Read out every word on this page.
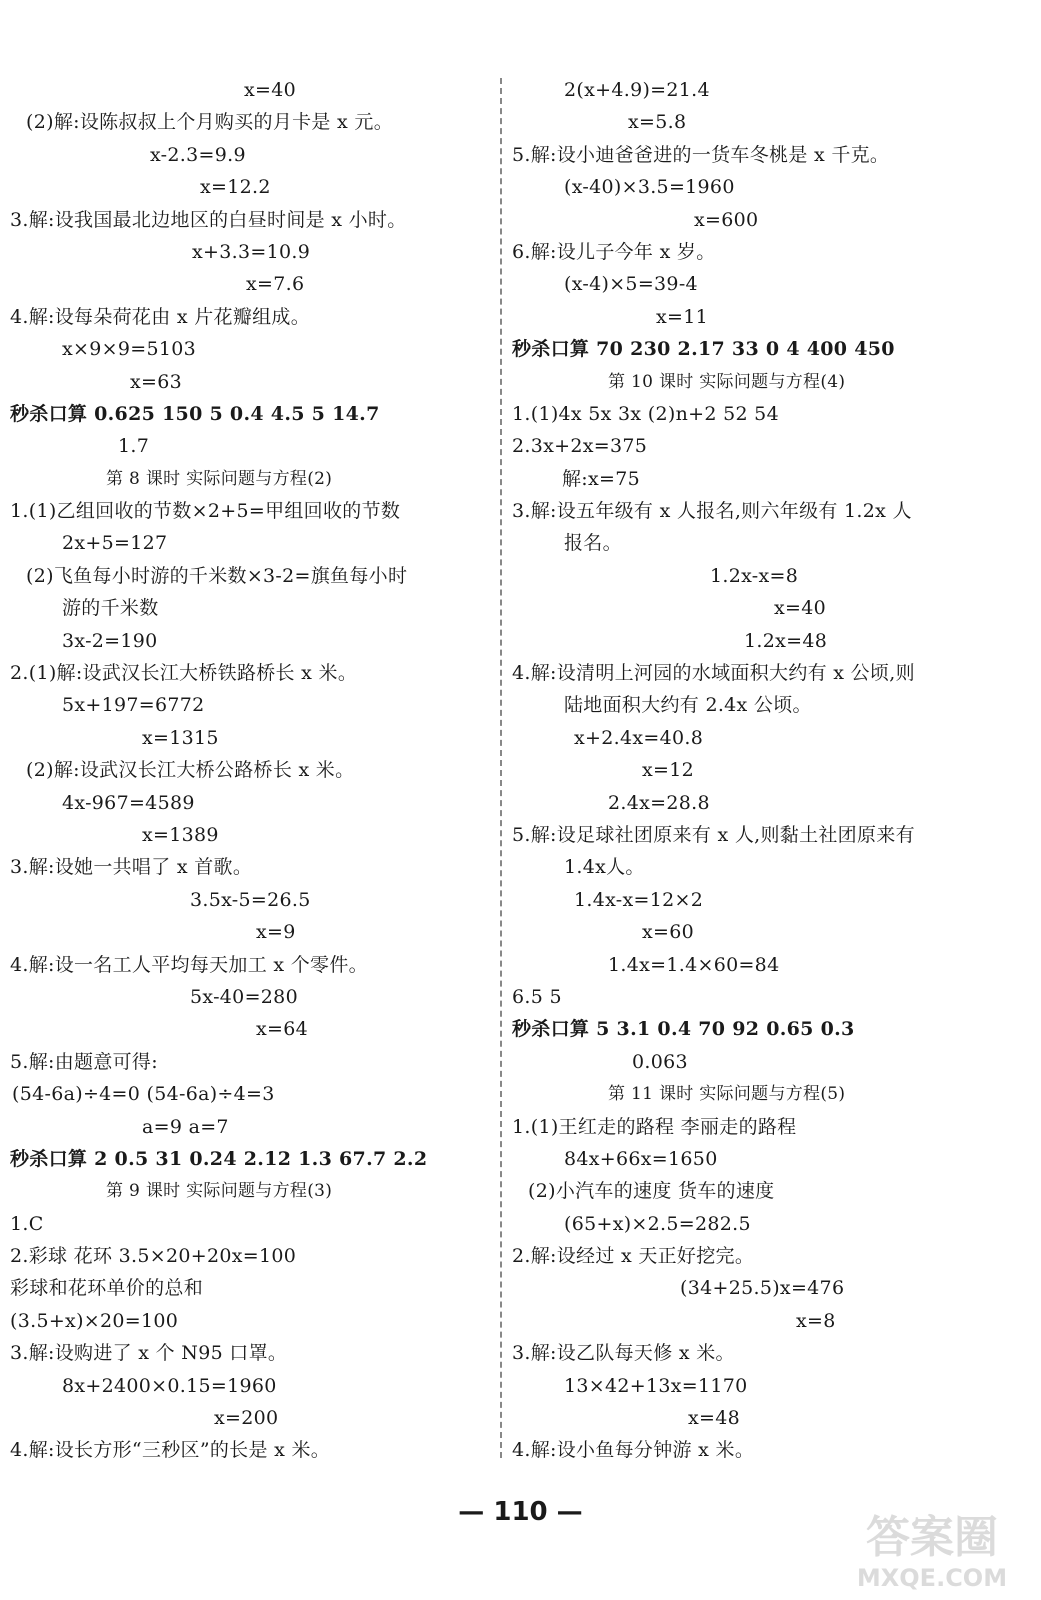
x=40
(2)解:设陈叔叔上个月购买的月卡是 x 元。
x-2.3=9.9
x=12.2
3.解:设我国最北边地区的白昼时间是 x 小时。
x+3.3=10.9
x=7.6
4.解:设每朵荷花由 x 片花瓣组成。
x×9×9=5103
x=63
秒杀口算 0.625 150 5 0.4 4.5 5 14.7
1.7
第 8 课时 实际问题与方程(2)
1.(1)乙组回收的节数×2+5=甲组回收的节数
2x+5=127
(2)飞鱼每小时游的千米数×3-2=旗鱼每小时
游的千米数
3x-2=190
2.(1)解:设武汉长江大桥铁路桥长 x 米。
5x+197=6772
x=1315
(2)解:设武汉长江大桥公路桥长 x 米。
4x-967=4589
x=1389
3.解:设她一共唱了 x 首歌。
3.5x-5=26.5
x=9
4.解:设一名工人平均每天加工 x 个零件。
5x-40=280
x=64
5.解:由题意可得:
(54-6a)÷4=0 (54-6a)÷4=3
a=9 a=7
秒杀口算 2 0.5 31 0.24 2.12 1.3 67.7 2.2
第 9 课时 实际问题与方程(3)
1.C
2.彩球 花环 3.5×20+20x=100
彩球和花环单价的总和
(3.5+x)×20=100
3.解:设购进了 x 个 N95 口罩。
8x+2400×0.15=1960
x=200
4.解:设长方形“三秒区”的长是 x 米。
2(x+4.9)=21.4
x=5.8
5.解:设小迪爸爸进的一货车冬桃是 x 千克。
(x-40)×3.5=1960
x=600
6.解:设儿子今年 x 岁。
(x-4)×5=39-4
x=11
秒杀口算 70 230 2.17 33 0 4 400 450
第 10 课时 实际问题与方程(4)
1.(1)4x 5x 3x (2)n+2 52 54
2.3x+2x=375
解:x=75
3.解:设五年级有 x 人报名,则六年级有 1.2x 人
报名。
1.2x-x=8
x=40
1.2x=48
4.解:设清明上河园的水域面积大约有 x 公顷,则
陆地面积大约有 2.4x 公顷。
x+2.4x=40.8
x=12
2.4x=28.8
5.解:设足球社团原来有 x 人,则黏土社团原来有
1.4x人。
1.4x-x=12×2
x=60
1.4x=1.4×60=84
6.5 5
秒杀口算 5 3.1 0.4 70 92 0.65 0.3
0.063
第 11 课时 实际问题与方程(5)
1.(1)王红走的路程 李丽走的路程
84x+66x=1650
(2)小汽车的速度 货车的速度
(65+x)×2.5=282.5
2.解:设经过 x 天正好挖完。
(34+25.5)x=476
x=8
3.解:设乙队每天修 x 米。
13×42+13x=1170
x=48
4.解:设小鱼每分钟游 x 米。
— 110 —	答案圈
MXQE.COM
